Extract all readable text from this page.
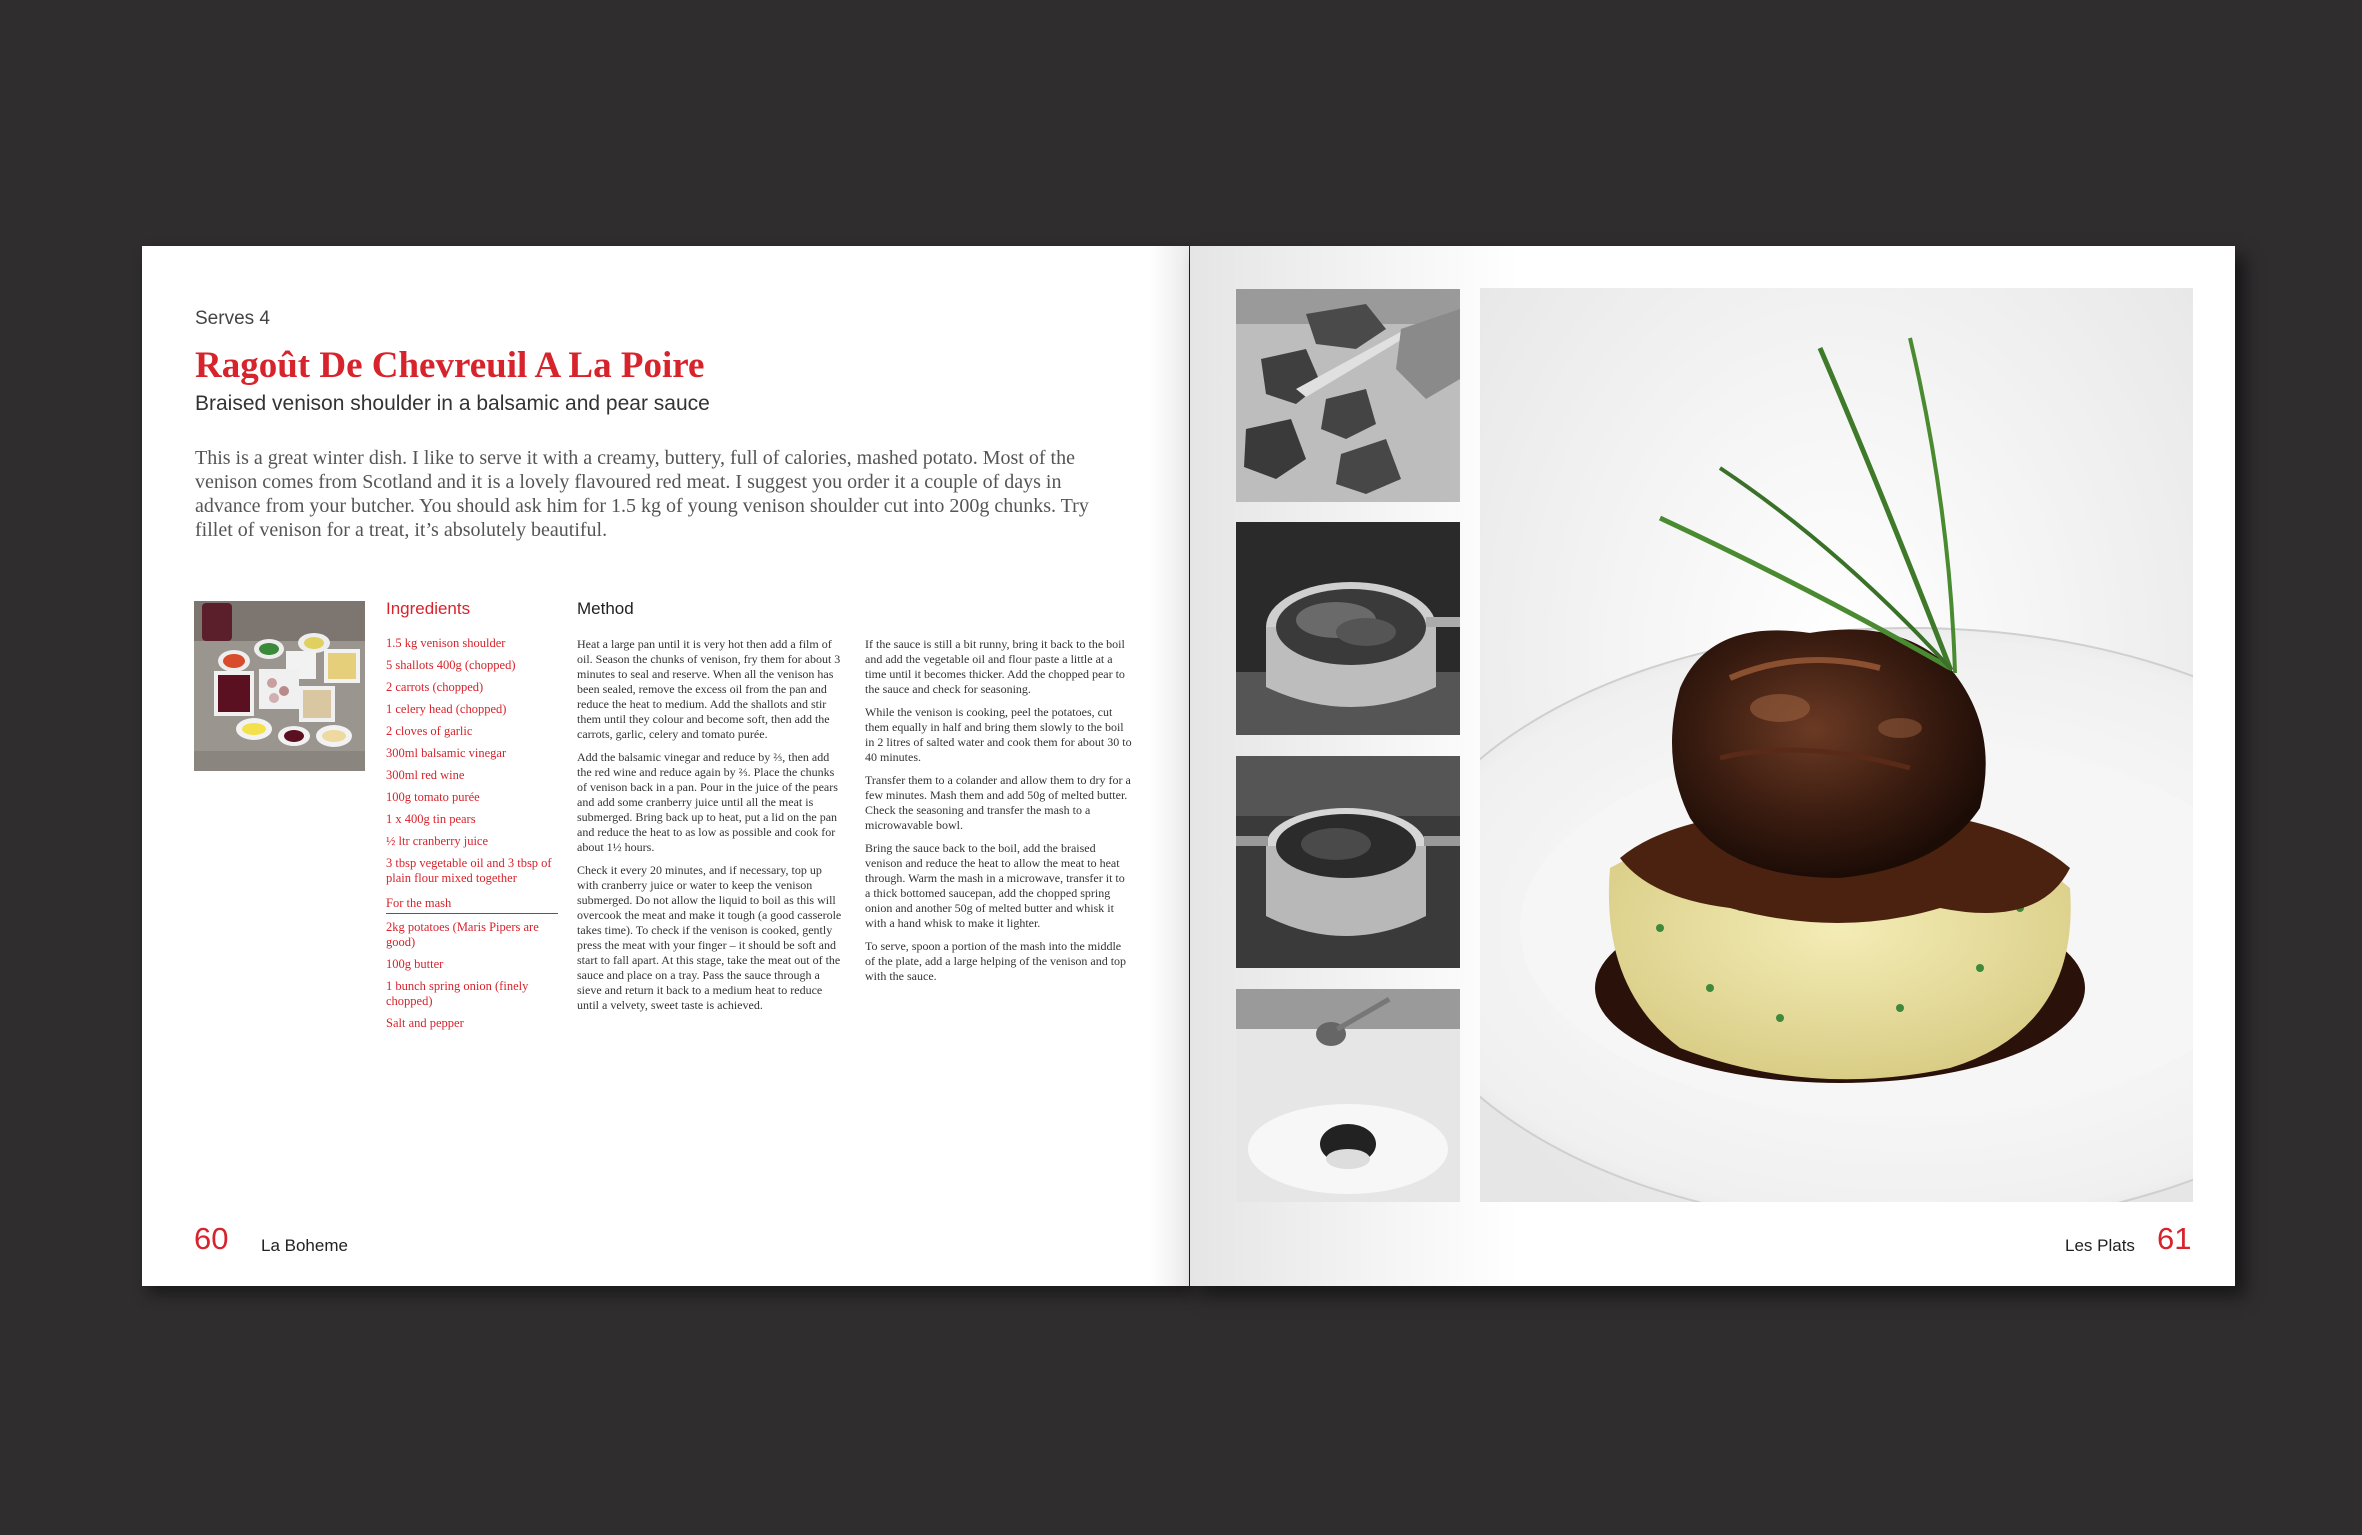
Serves 4
Ragoût De Chevreuil A La Poire
Braised venison shoulder in a balsamic and pear sauce
This is a great winter dish. I like to serve it with a creamy, buttery, full of calories, mashed potato. Most of the venison comes from Scotland and it is a lovely flavoured red meat. I suggest you order it a couple of days in advance from your butcher. You should ask him for 1.5 kg of young venison shoulder cut into 200g chunks. Try fillet of venison for a treat, it’s absolutely beautiful.
Ingredients
1.5 kg venison shoulder
5 shallots 400g (chopped)
2 carrots (chopped)
1 celery head (chopped)
2 cloves of garlic
300ml balsamic vinegar
300ml red wine
100g tomato purée
1 x 400g tin pears
½ ltr cranberry juice
3 tbsp vegetable oil and 3 tbsp of plain flour mixed together
For the mash
2kg potatoes (Maris Pipers are good)
100g butter
1 bunch spring onion (finely chopped)
Salt and pepper
Method

Heat a large pan until it is very hot then add a film of oil. Season the chunks of venison, fry them for about 3 minutes to seal and reserve. When all the venison has been sealed, remove the excess oil from the pan and reduce the heat to medium. Add the shallots and stir them until they colour and become soft, then add the carrots, garlic, celery and tomato purée.

Add the balsamic vinegar and reduce by ⅔, then add the red wine and reduce again by ⅔. Place the chunks of venison back in a pan. Pour in the juice of the pears and add some cranberry juice until all the meat is submerged. Bring back up to heat, put a lid on the pan and reduce the heat to as low as possible and cook for about 1½ hours.

Check it every 20 minutes, and if necessary, top up with cranberry juice or water to keep the venison submerged. Do not allow the liquid to boil as this will overcook the meat and make it tough (a good casserole takes time). To check if the venison is cooked, gently press the meat with your finger – it should be soft and start to fall apart. At this stage, take the meat out of the sauce and place on a tray. Pass the sauce through a sieve and return it back to a medium heat to reduce until a velvety, sweet taste is achieved.

If the sauce is still a bit runny, bring it back to the boil and add the vegetable oil and flour paste a little at a time until it becomes thicker. Add the chopped pear to the sauce and check for seasoning.

While the venison is cooking, peel the potatoes, cut them equally in half and bring them slowly to the boil in 2 litres of salted water and cook them for about 30 to 40 minutes.

Transfer them to a colander and allow them to dry for a few minutes. Mash them and add 50g of melted butter. Check the seasoning and transfer the mash to a microwavable bowl.

Bring the sauce back to the boil, add the braised venison and reduce the heat to allow the meat to heat through. Warm the mash in a microwave, transfer it to a thick bottomed saucepan, add the chopped spring onion and another 50g of melted butter and whisk it with a hand whisk to make it lighter.

To serve, spoon a portion of the mash into the middle of the plate, add a large helping of the venison and top with the sauce.

60 La Boheme	Les Plats 61
